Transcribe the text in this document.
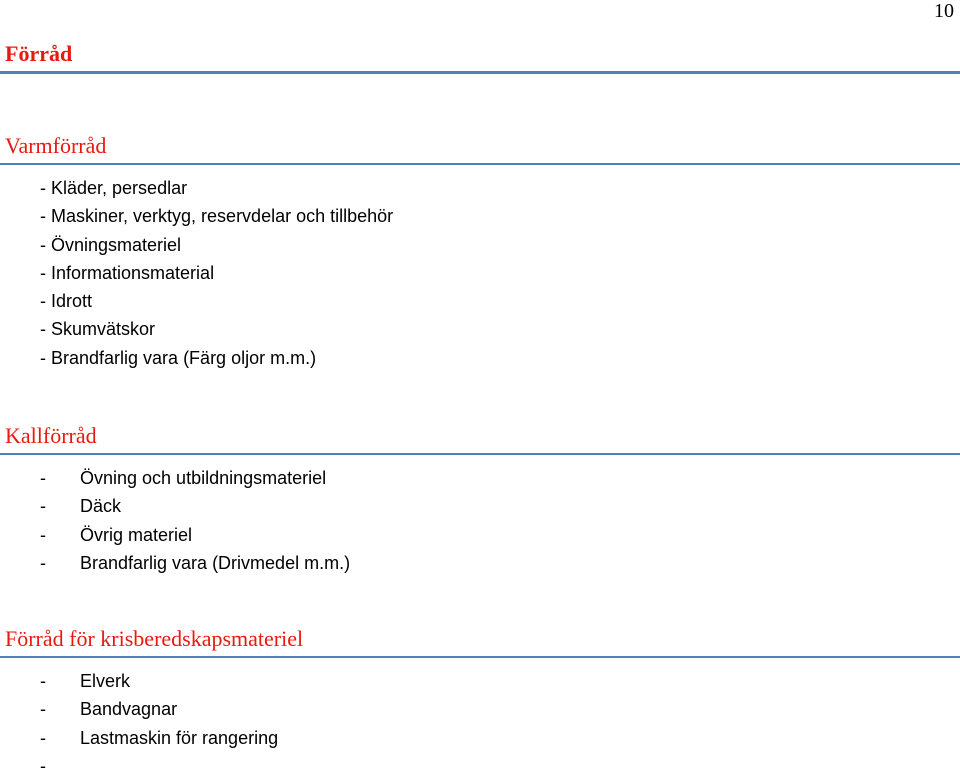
10
Förråd
Varmförråd
- Kläder, persedlar
- Maskiner, verktyg, reservdelar och tillbehör
- Övningsmateriel
- Informationsmaterial
- Idrott
- Skumvätskor
- Brandfarlig vara (Färg oljor m.m.)
Kallförråd
-	Övning och utbildningsmateriel
-	Däck
-	Övrig materiel
-	Brandfarlig vara (Drivmedel m.m.)
Förråd för krisberedskapsmateriel
-	Elverk
-	Bandvagnar
-	Lastmaskin för rangering
-
